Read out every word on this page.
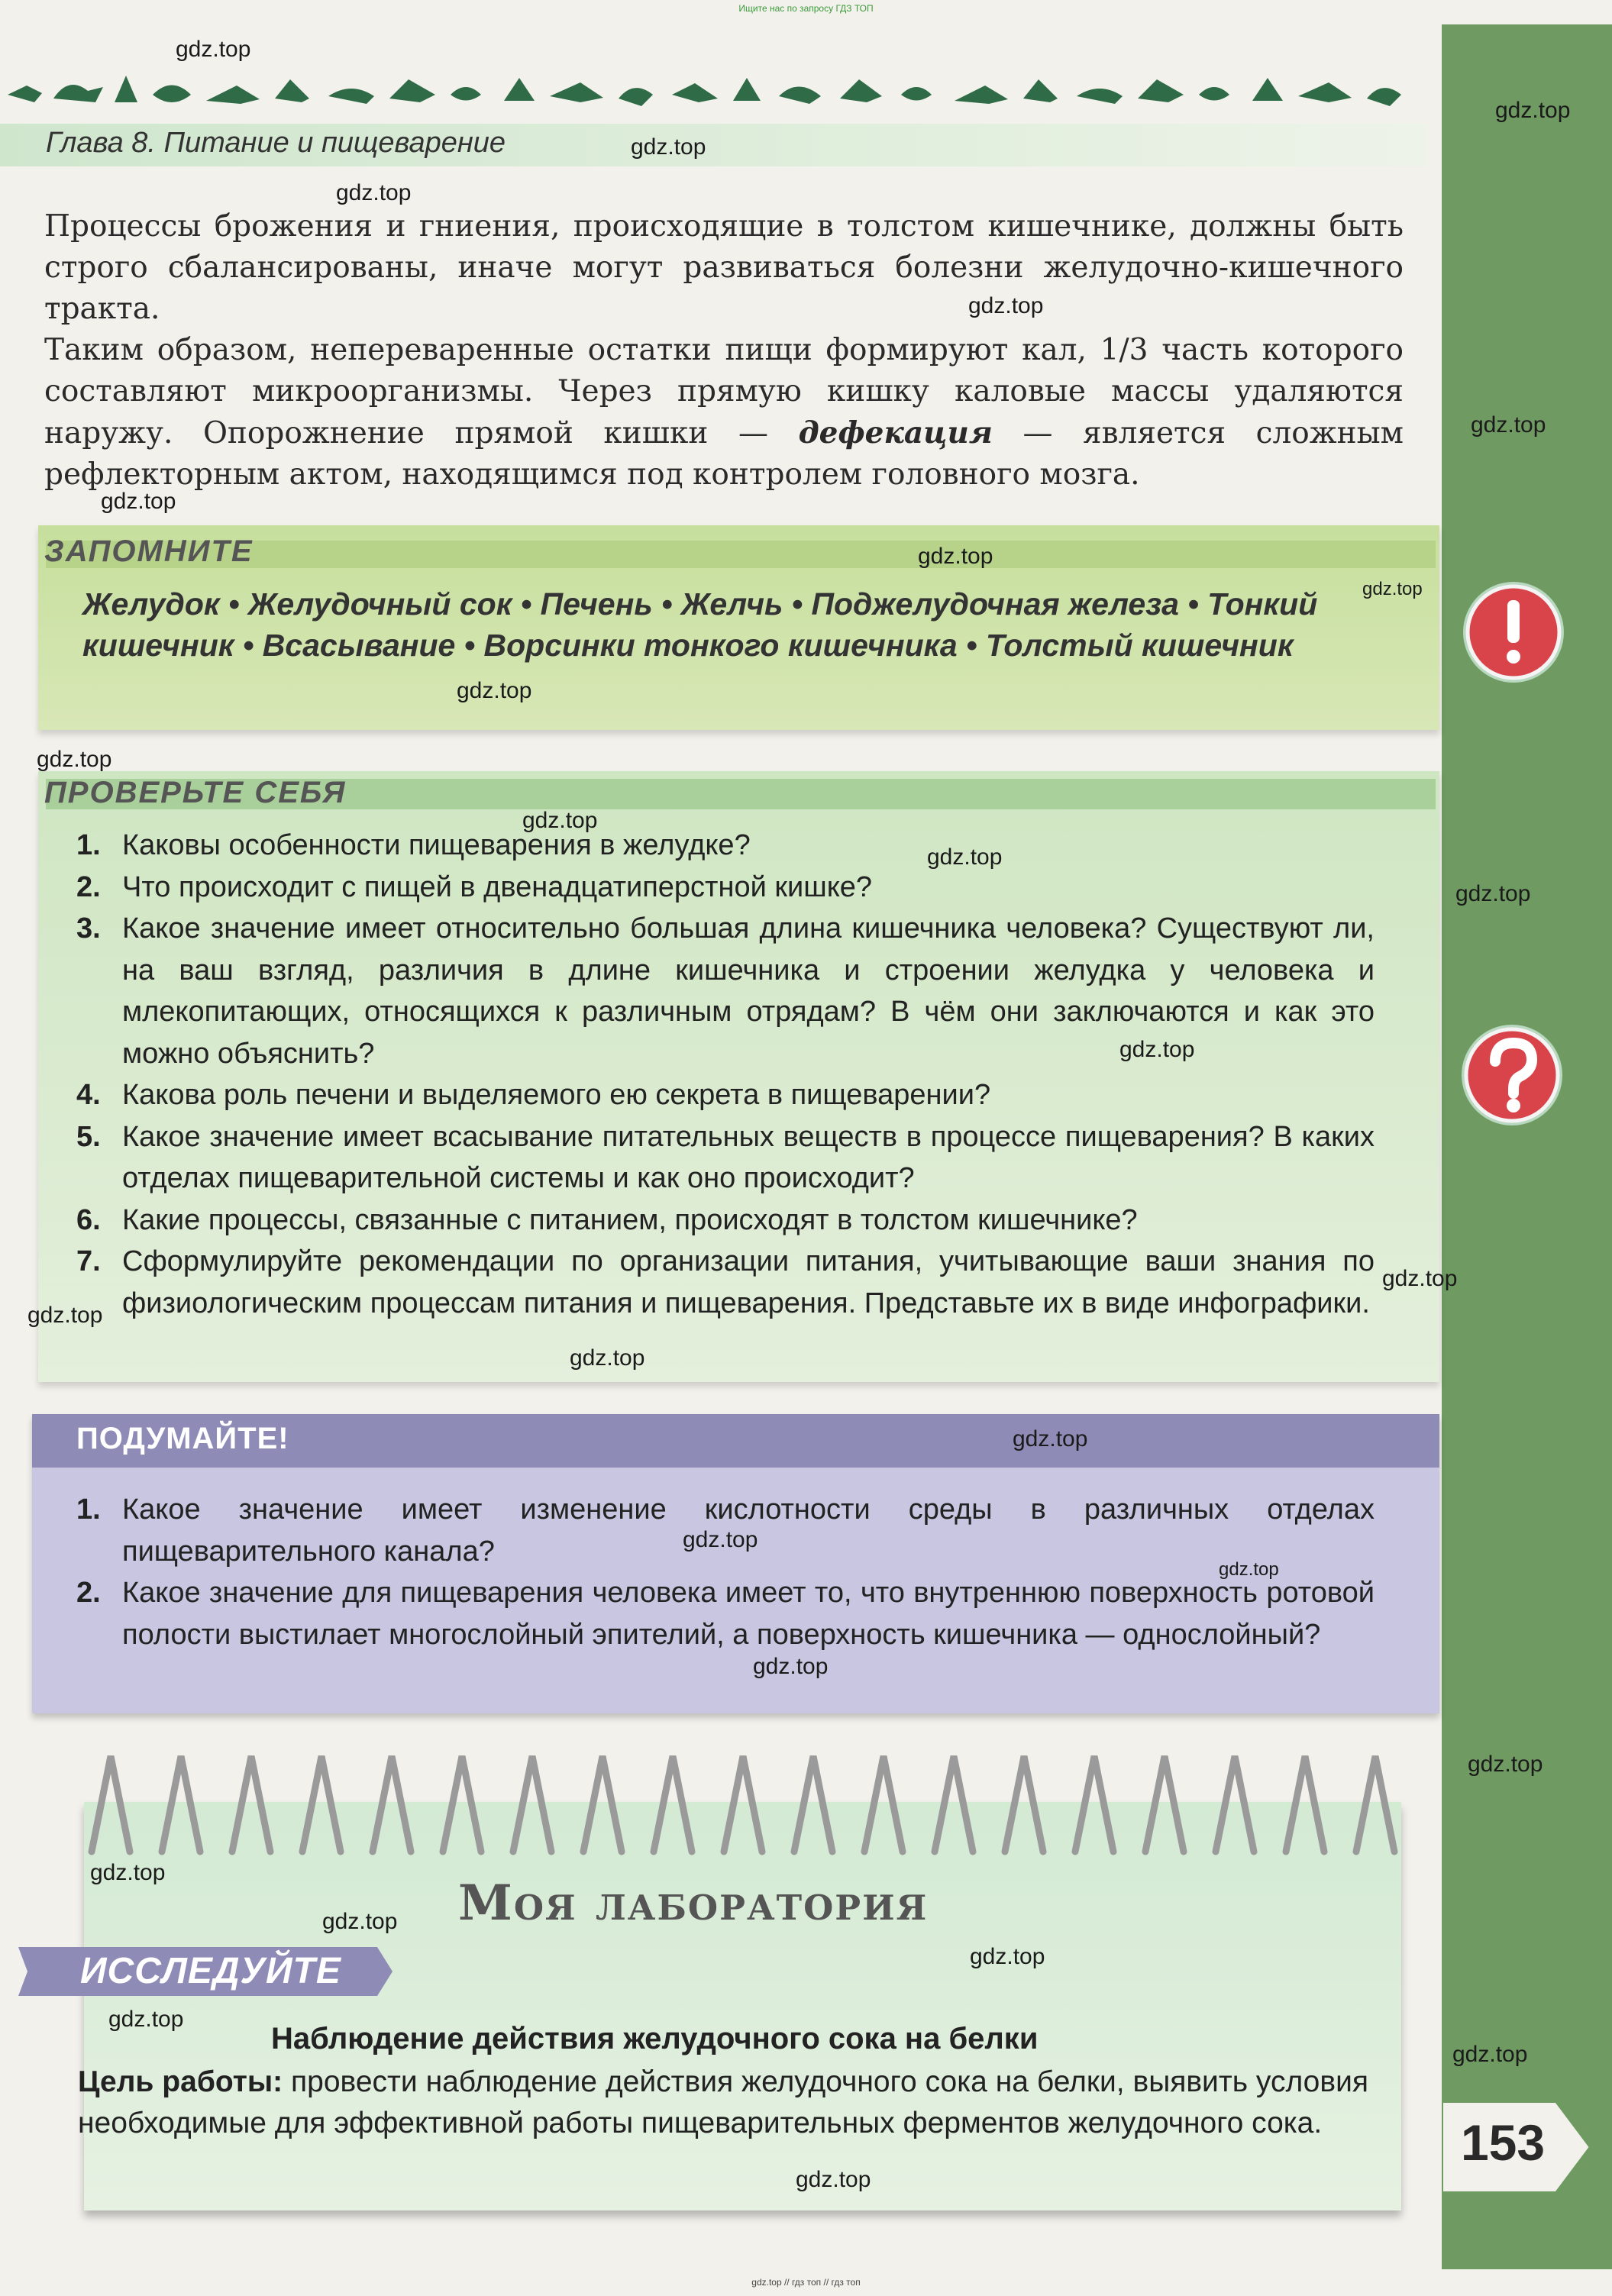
Ищите нас по запросу ГДЗ ТОП
Глава 8. Питание и пищеварение

Процессы брожения и гниения, происходящие в толстом кишечнике, должны быть строго сбалансированы, иначе могут развиваться болезни желудочно-кишечного тракта.

Таким образом, непереваренные остатки пищи формируют кал, 1/3 часть которого составляют микроорганизмы. Через прямую кишку каловые массы удаляются наружу. Опорожнение прямой кишки — дефекация — является сложным рефлекторным актом, находящимся под контролем головного мозга.

ЗАПОМНИТЕ
Желудок • Желудочный сок • Печень • Желчь • Поджелудочная железа • Тонкий кишечник • Всасывание • Ворсинки тонкого кишечника • Толстый кишечник
ПРОВЕРЬТЕ СЕБЯ
1. Каковы особенности пищеварения в желудке?
2. Что происходит с пищей в двенадцатиперстной кишке?
3. Какое значение имеет относительно большая длина кишечника человека? Существуют ли, на ваш взгляд, различия в длине кишечника и строении желудка у человека и млекопитающих, относящихся к различным отрядам? В чём они заключаются и как это можно объяснить?
4. Какова роль печени и выделяемого ею секрета в пищеварении?
5. Какое значение имеет всасывание питательных веществ в процессе пищеварения? В каких отделах пищеварительной системы и как оно происходит?
6. Какие процессы, связанные с питанием, происходят в толстом кишечнике?
7. Сформулируйте рекомендации по организации питания, учитывающие ваши знания по физиологическим процессам питания и пищеварения. Представьте их в виде инфографики.
ПОДУМАЙТЕ!
1. Какое значение имеет изменение кислотности среды в различных отделах пищеварительного канала?
2. Какое значение для пищеварения человека имеет то, что внутреннюю поверхность ротовой полости выстилает многослойный эпителий, а поверхность кишечника — однослойный?
Моя лаборатория
ИССЛЕДУЙТЕ
Наблюдение действия желудочного сока на белки
Цель работы: провести наблюдение действия желудочного сока на белки, выявить условия необходимые для эффективной работы пищеварительных ферментов желудочного сока.	153
gdz.top // гдз топ // гдз топ
gdz.top
gdz.top
gdz.top
gdz.top
gdz.top
gdz.top
gdz.top
gdz.top
gdz.top
gdz.top
gdz.top
gdz.top
gdz.top
gdz.top
gdz.top
gdz.top
gdz.top
gdz.top
gdz.top
gdz.top
gdz.top
gdz.top
gdz.top
gdz.top
gdz.top
gdz.top
gdz.top
gdz.top
gdz.top
